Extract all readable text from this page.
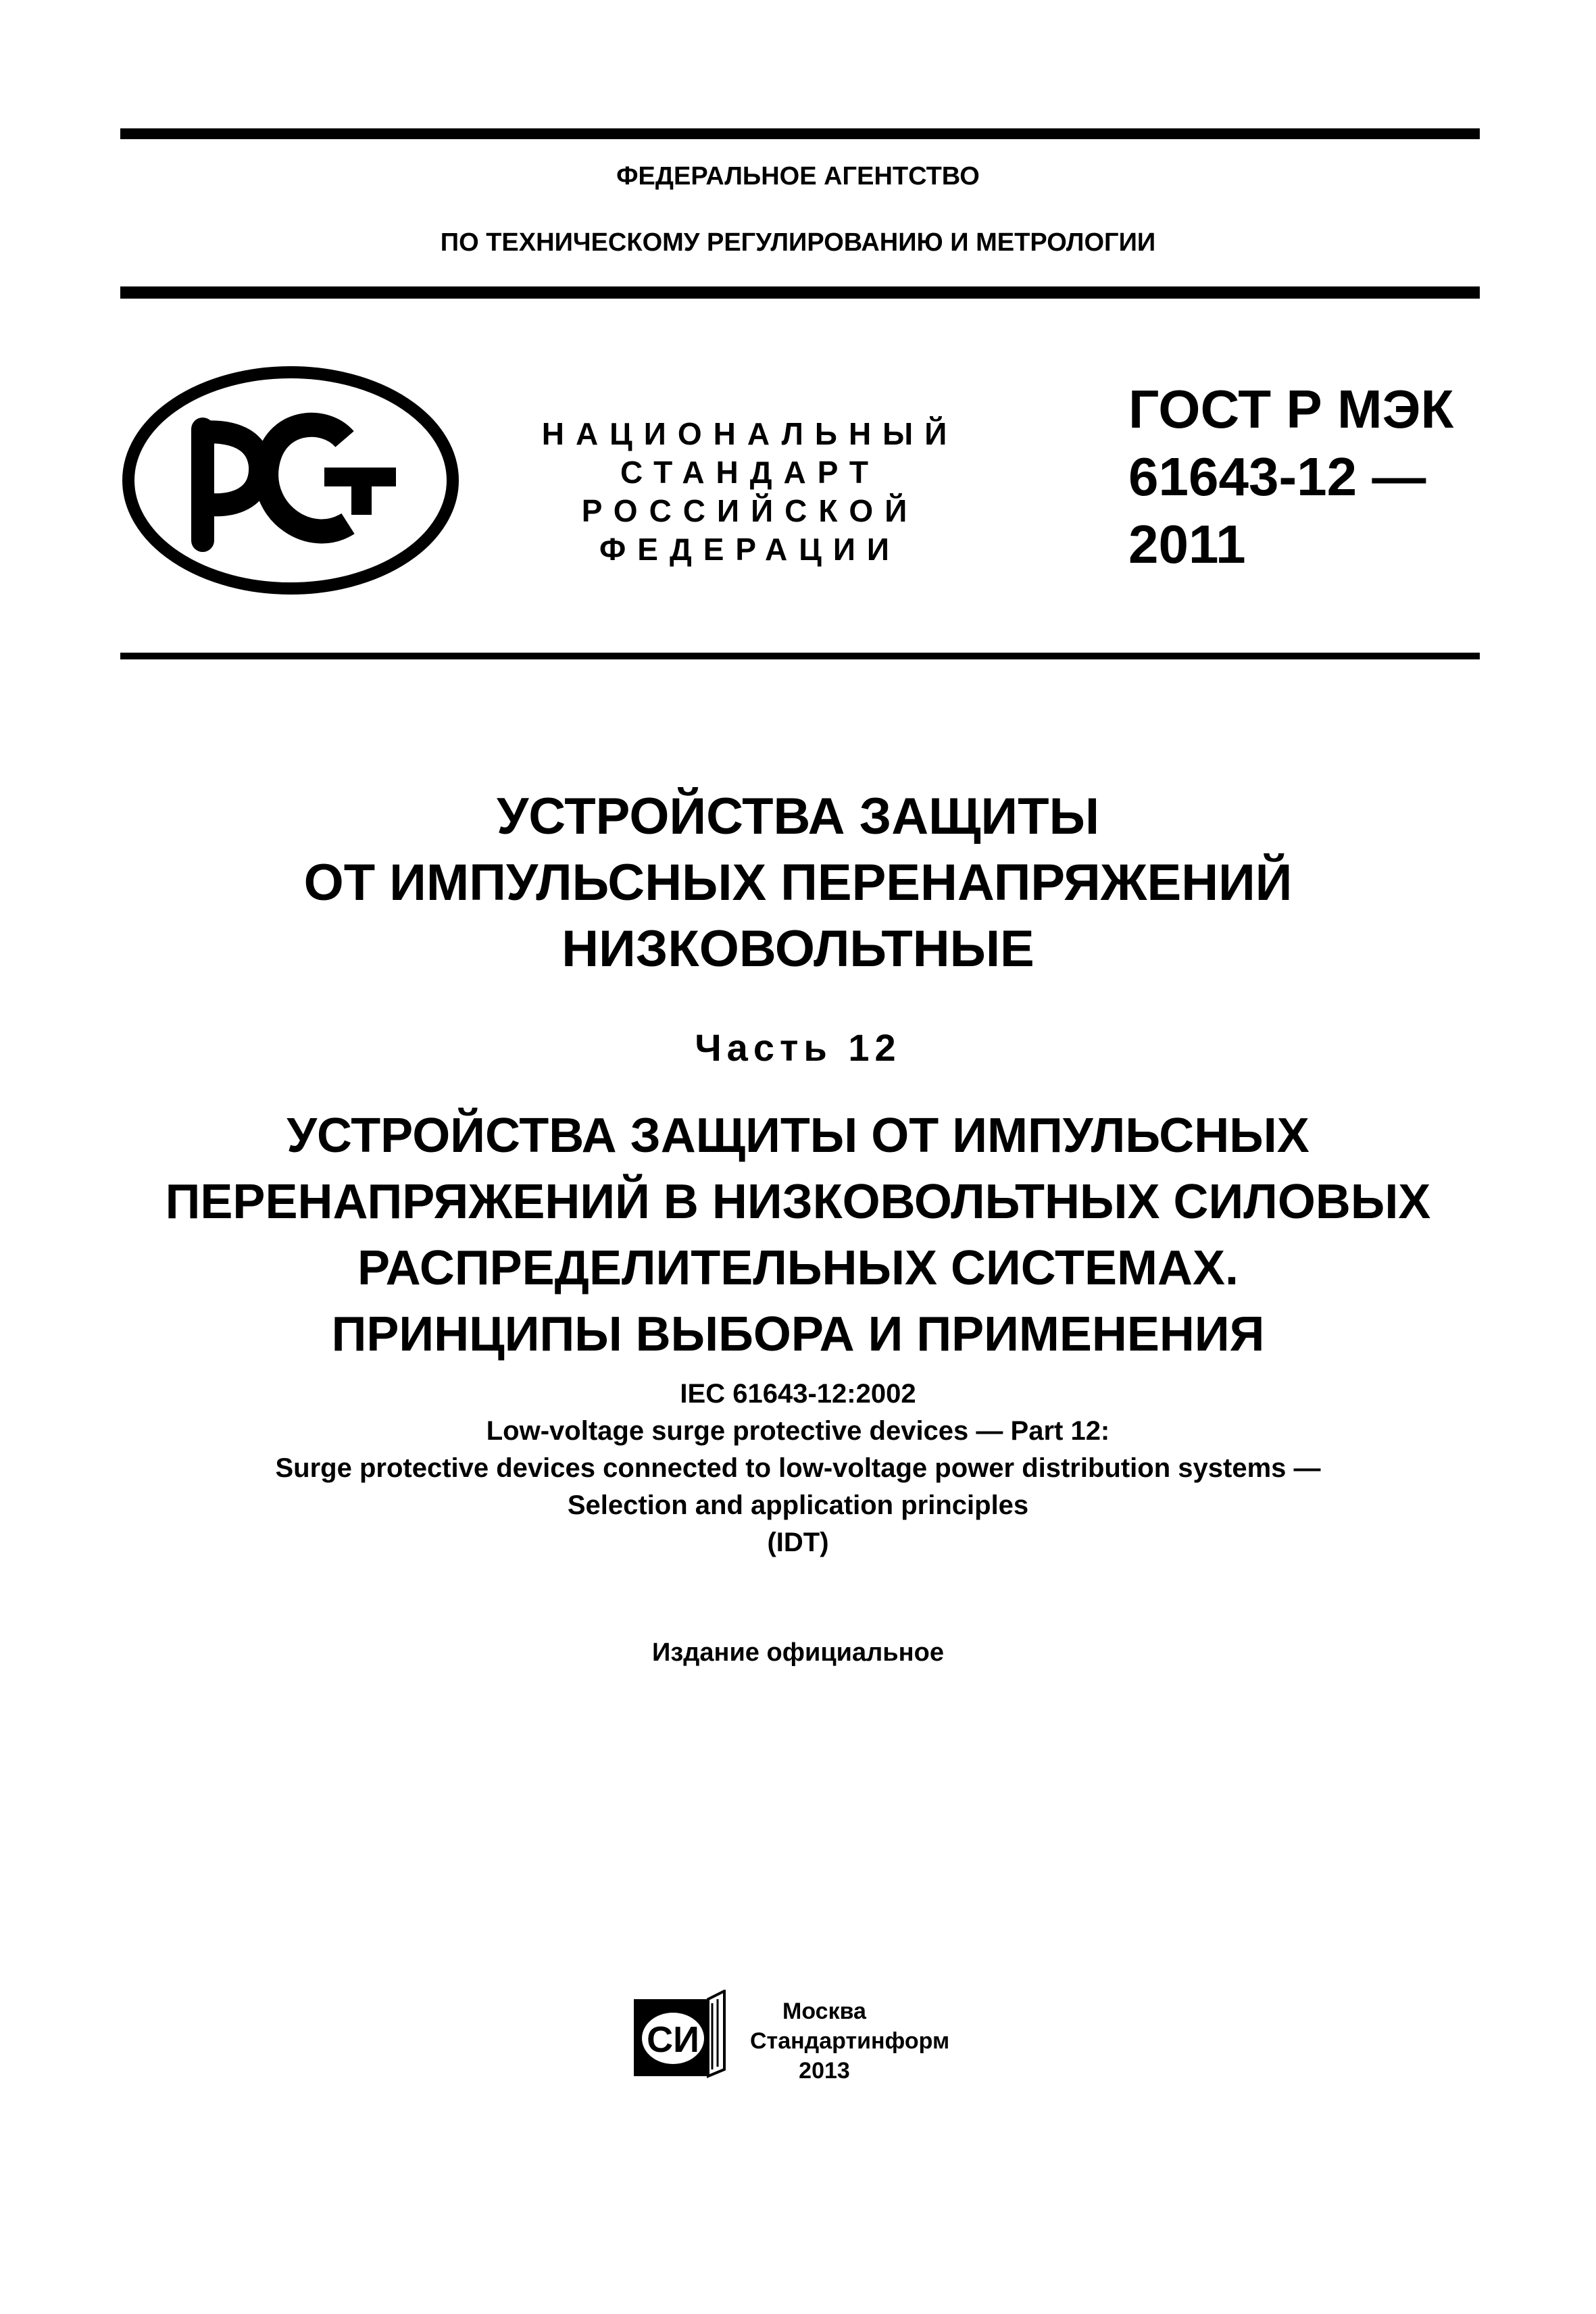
ФЕДЕРАЛЬНОЕ АГЕНТСТВО
ПО ТЕХНИЧЕСКОМУ РЕГУЛИРОВАНИЮ И МЕТРОЛОГИИ
РСТ
НАЦИОНАЛЬНЫЙ
СТАНДАРТ
РОССИЙСКОЙ
ФЕДЕРАЦИИ
ГОСТ Р МЭК
61643-12 —
2011
УСТРОЙСТВА ЗАЩИТЫ
ОТ ИМПУЛЬСНЫХ ПЕРЕНАПРЯЖЕНИЙ
НИЗКОВОЛЬТНЫЕ
Часть 12
УСТРОЙСТВА ЗАЩИТЫ ОТ ИМПУЛЬСНЫХ
ПЕРЕНАПРЯЖЕНИЙ В НИЗКОВОЛЬТНЫХ СИЛОВЫХ
РАСПРЕДЕЛИТЕЛЬНЫХ СИСТЕМАХ.
ПРИНЦИПЫ ВЫБОРА И ПРИМЕНЕНИЯ
IEC 61643-12:2002
Low-voltage surge protective devices — Part 12:
Surge protective devices connected to low-voltage power distribution systems —
Selection and application principles
(IDT)
Издание официальное
СИ
Москва
Стандартинформ
2013
